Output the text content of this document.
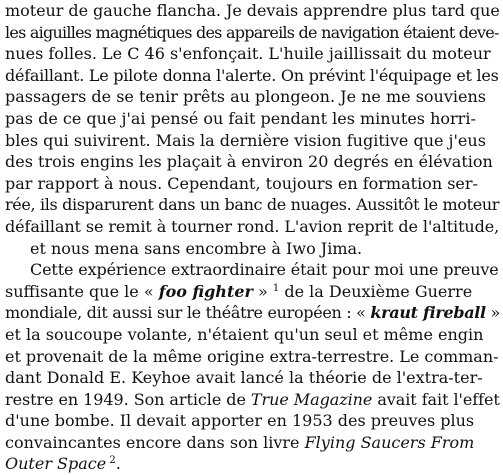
moteur de gauche flancha. Je devais apprendre plus tard que
les aiguilles magnétiques des appareils de navigation étaient deve-
nues folles. Le C 46 s'enfonçait. L'huile jaillissait du moteur
défaillant. Le pilote donna l'alerte. On prévint l'équipage et les
passagers de se tenir prêts au plongeon. Je ne me souviens
pas de ce que j'ai pensé ou fait pendant les minutes horri-
bles qui suivirent. Mais la dernière vision fugitive que j'eus
des trois engins les plaçait à environ 20 degrés en élévation
par rapport à nous. Cependant, toujours en formation ser-
rée, ils disparurent dans un banc de nuages. Aussitôt le moteur
défaillant se remit à tourner rond. L'avion reprit de l'altitude,
et nous mena sans encombre à Iwo Jima.
Cette expérience extraordinaire était pour moi une preuve
suffisante que le « foo fighter » $^1$ de la Deuxième Guerre
mondiale, dit aussi sur le théâtre européen : « kraut fireball »
et la soucoupe volante, n'étaient qu'un seul et même engin
et provenait de la même origine extra-terrestre. Le comman-
dant Donald E. Keyhoe avait lancé la théorie de l'extra-ter-
restre en 1949. Son article de True Magazine avait fait l'effet
d'une bombe. Il devait apporter en 1953 des preuves plus
convaincantes encore dans son livre Flying Saucers From
Outer Space $^2$.
